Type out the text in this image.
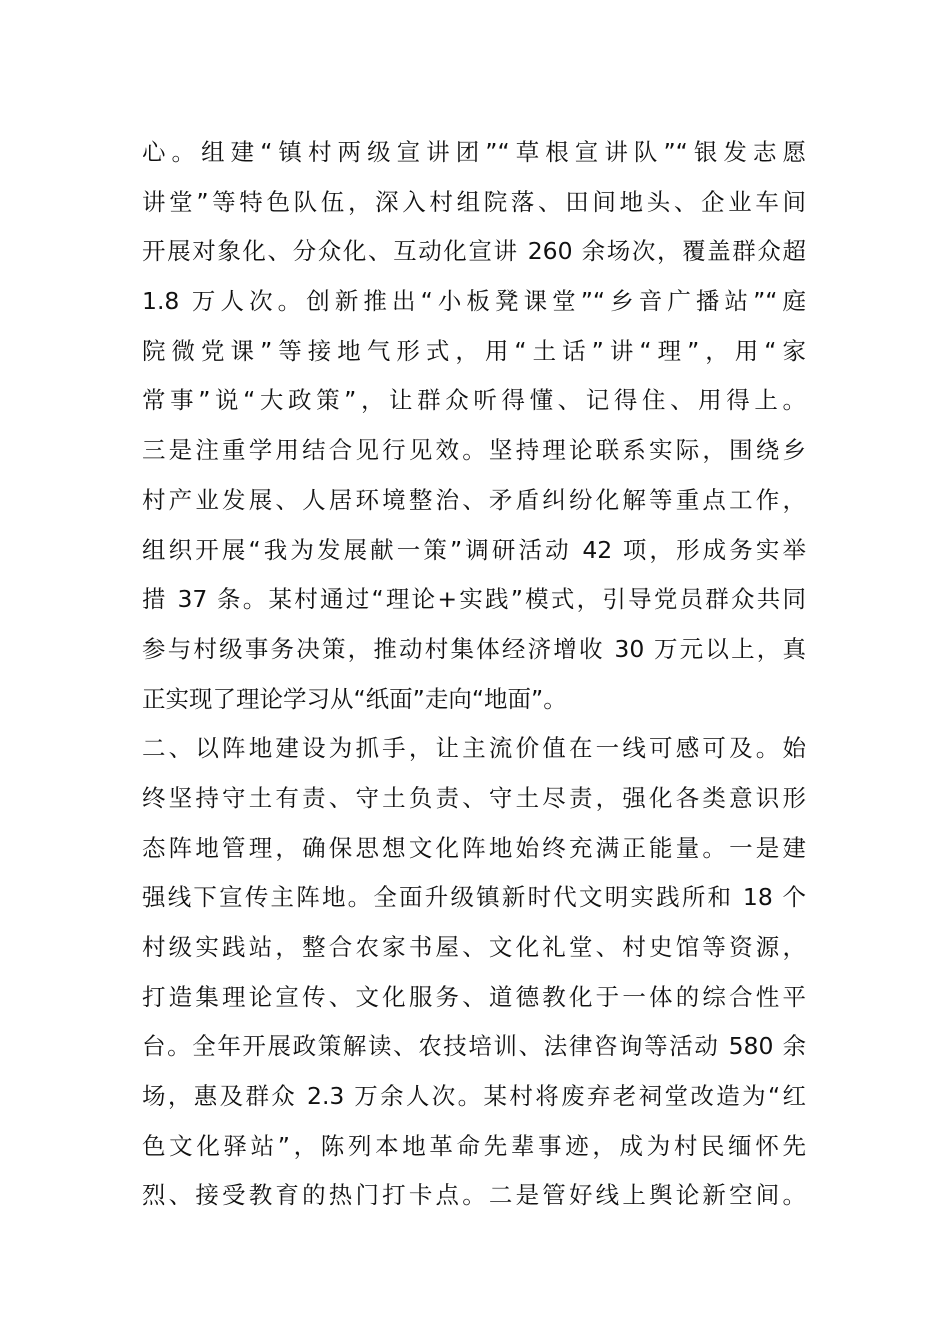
心。组建“镇村两级宣讲团”“草根宣讲队”“银发志愿
讲堂”等特色队伍，深入村组院落、田间地头、企业车间
开展对象化、分众化、互动化宣讲 260 余场次，覆盖群众超
1.8 万人次。创新推出“小板凳课堂”“乡音广播站”“庭
院微党课”等接地气形式，用“土话”讲“理”，用“家
常事”说“大政策”，让群众听得懂、记得住、用得上。
三是注重学用结合见行见效。坚持理论联系实际，围绕乡
村产业发展、人居环境整治、矛盾纠纷化解等重点工作，
组织开展“我为发展献一策”调研活动 42 项，形成务实举
措 37 条。某村通过“理论+实践”模式，引导党员群众共同
参与村级事务决策，推动村集体经济增收 30 万元以上，真
正实现了理论学习从“纸面”走向“地面”。
二、以阵地建设为抓手，让主流价值在一线可感可及。始
终坚持守土有责、守土负责、守土尽责，强化各类意识形
态阵地管理，确保思想文化阵地始终充满正能量。一是建
强线下宣传主阵地。全面升级镇新时代文明实践所和 18 个
村级实践站，整合农家书屋、文化礼堂、村史馆等资源，
打造集理论宣传、文化服务、道德教化于一体的综合性平
台。全年开展政策解读、农技培训、法律咨询等活动 580 余
场，惠及群众 2.3 万余人次。某村将废弃老祠堂改造为“红
色文化驿站”，陈列本地革命先辈事迹，成为村民缅怀先
烈、接受教育的热门打卡点。二是管好线上舆论新空间。
